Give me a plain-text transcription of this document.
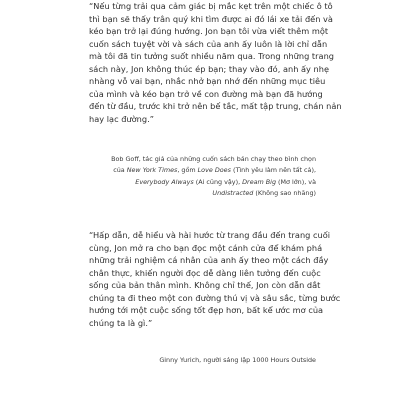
“Nếu từng trải qua cảm giác bị mắc kẹt trên một chiếc ô tô
thì bạn sẽ thấy trân quý khi tìm được ai đó lái xe tải đến và
kéo bạn trở lại đúng hướng. Jon bạn tôi vừa viết thêm một
cuốn sách tuyệt vời và sách của anh ấy luôn là lời chỉ dẫn
mà tôi đã tin tưởng suốt nhiều năm qua. Trong những trang
sách này, Jon không thúc ép bạn; thay vào đó, anh ấy nhẹ
nhàng vỗ vai bạn, nhắc nhở bạn nhớ đến những mục tiêu
của mình và kéo bạn trở về con đường mà bạn đã hướng
đến từ đầu, trước khi trở nên bế tắc, mất tập trung, chán nản
hay lạc đường.”
Bob Goff, tác giả của những cuốn sách bán chạy theo bình chọn
của New York Times, gồm Love Does (Tình yêu làm nên tất cả),
Everybody Always (Ai cũng vậy), Dream Big (Mơ lớn), và
Undistracted (Không sao nhãng)
“Hấp dẫn, dễ hiểu và hài hước từ trang đầu đến trang cuối
cùng, Jon mở ra cho bạn đọc một cánh cửa để khám phá
những trải nghiệm cá nhân của anh ấy theo một cách đầy
chân thực, khiến người đọc dễ dàng liên tưởng đến cuộc
sống của bản thân mình. Không chỉ thế, Jon còn dẫn dắt
chúng ta đi theo một con đường thú vị và sâu sắc, từng bước
hướng tới một cuộc sống tốt đẹp hơn, bất kể ước mơ của
chúng ta là gì.”
Ginny Yurich, người sáng lập 1000 Hours Outside
